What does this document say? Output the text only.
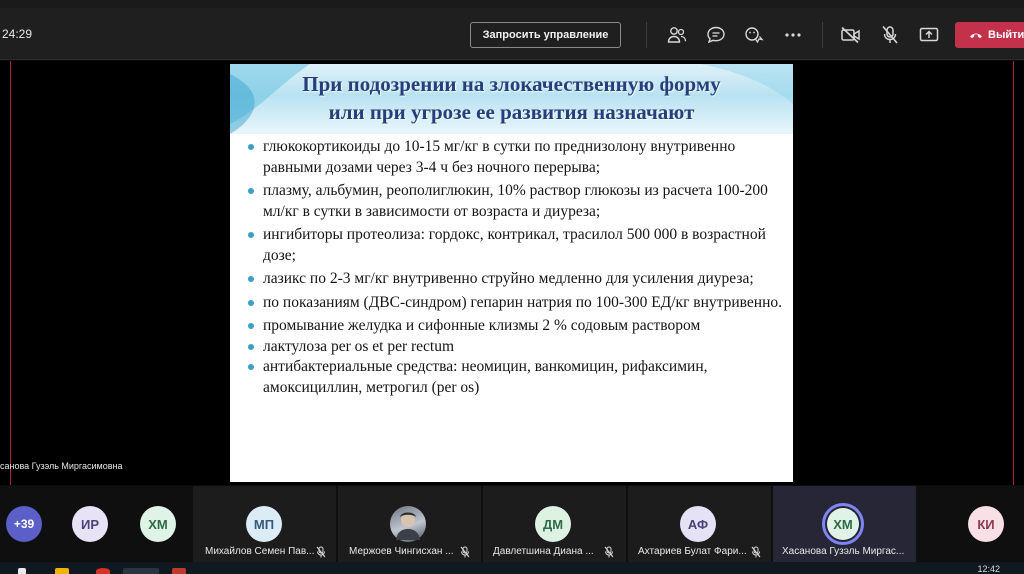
24:29	Запросить управление	Выйти
При подозрении на злокачественную форму
или при угрозе ее развития назначают
глюкокортикоиды до 10-15 мг/кг в сутки по преднизолону внутривенно равными дозами через 3-4 ч без ночного перерыва;
плазму, альбумин, реополиглюкин, 10% раствор глюкозы из расчета 100-200 мл/кг в сутки в зависимости от возраста и диуреза;
ингибиторы протеолиза: гордокс, контрикал, трасилол 500 000 в возрастной дозе;
лазикс по 2-3 мг/кг внутривенно струйно медленно для усиления диуреза;
по показаниям (ДВС-синдром) гепарин натрия по 100-300 ЕД/кг внутривенно.
промывание желудка и сифонные клизмы 2 % содовым раствором
лактулоза per os et per rectum
антибактериальные средства: неомицин, ванкомицин, рифаксимин, амоксициллин, метрогил (per os)
санова Гузэль Миргасимовна
+39	ИР	ХМ	МП
Михайлов Семен Пав...	Мержоев Чингисхан ...
ДМ
Давлетшина Диана ...
АФ
Ахтариев Булат Фари...
ХМ
Хасанова Гузэль Миргас...
КИ
12:42
